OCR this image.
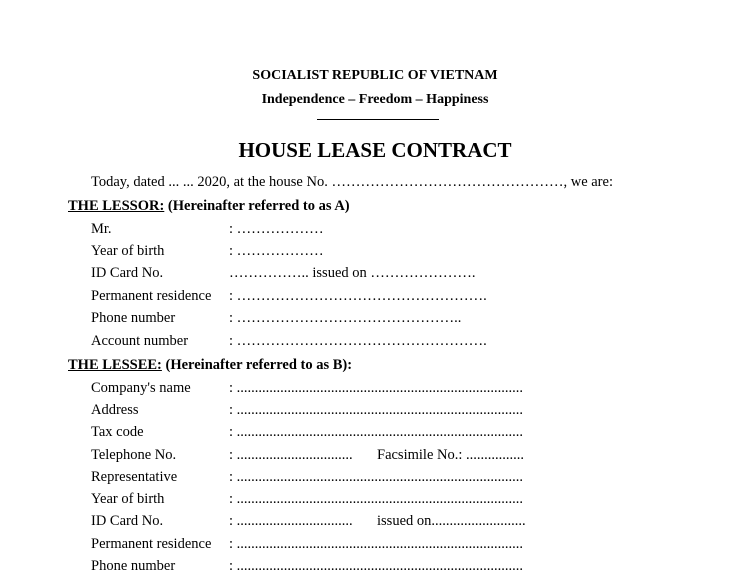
SOCIALIST REPUBLIC OF VIETNAM
Independence – Freedom – Happiness
HOUSE LEASE CONTRACT
Today, dated ... ... 2020, at the house No. …………………………………………, we are:
THE LESSOR: (Hereinafter referred to as A)
Mr.	: ………………
Year of birth	: ………………
ID Card No.	…………….. issued on ………………….
Permanent residence : …………………………………………….
Phone number	: ………………………………………..
Account number	: …………………………………………….
THE LESSEE: (Hereinafter referred to as B):
Company's name	: ...............................................................................
Address	: ...............................................................................
Tax code	: ...............................................................................
Telephone No.	: ................................ Facsimile No.: ................
Representative	: ...............................................................................
Year of birth	: ...............................................................................
ID Card No.	: ................................ issued on..........................
Permanent residence : ...............................................................................
Phone number	: ...............................................................................
